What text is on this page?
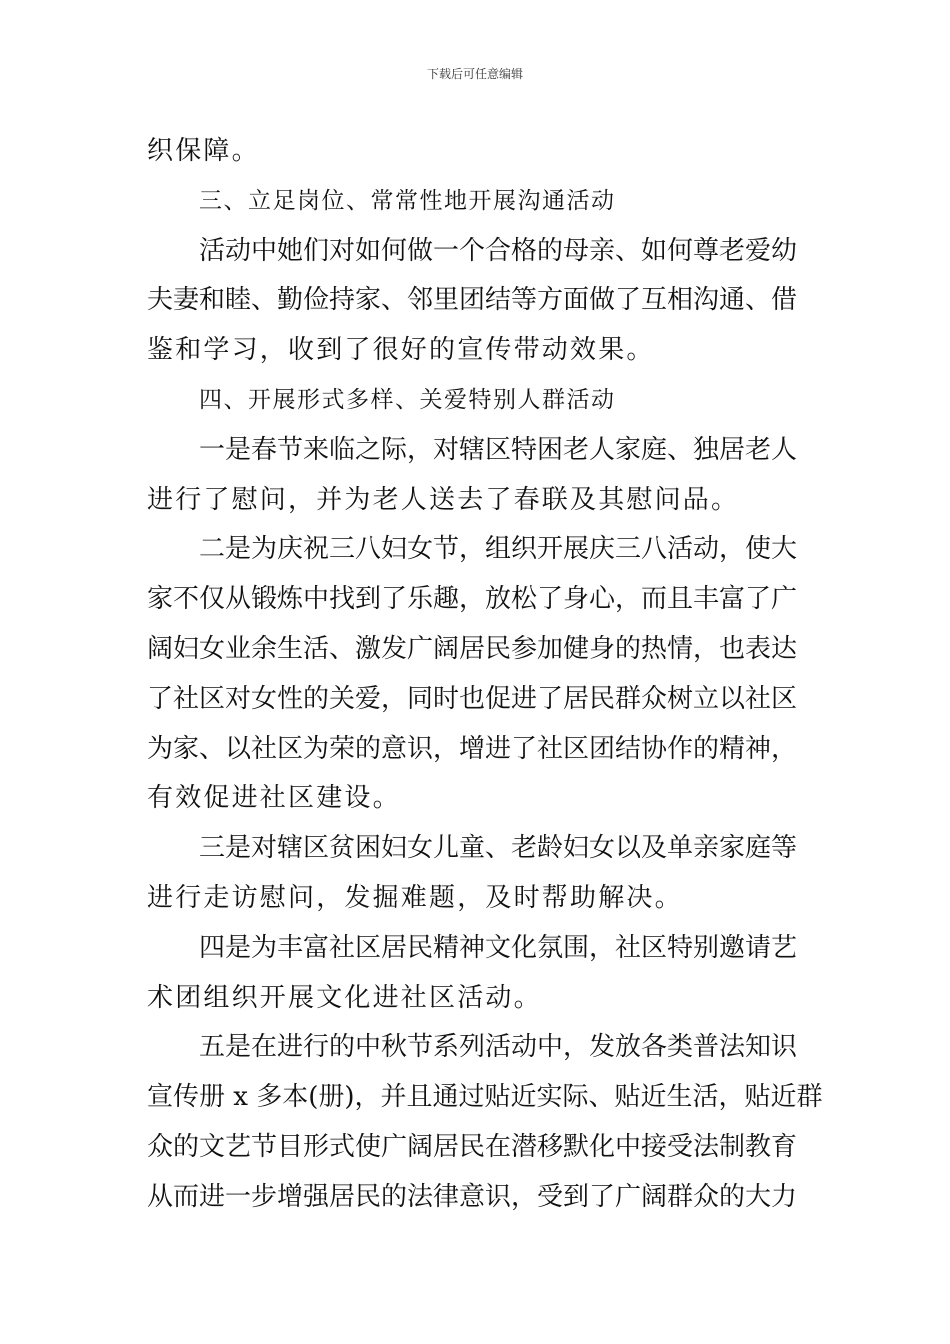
下载后可任意编辑
织保障。
三、立足岗位、常常性地开展沟通活动
活动中她们对如何做一个合格的母亲、如何尊老爱幼
夫妻和睦、勤俭持家、邻里团结等方面做了互相沟通、借
鉴和学习，收到了很好的宣传带动效果。
四、开展形式多样、关爱特别人群活动
一是春节来临之际，对辖区特困老人家庭、独居老人
进行了慰问，并为老人送去了春联及其慰问品。
二是为庆祝三八妇女节，组织开展庆三八活动，使大
家不仅从锻炼中找到了乐趣，放松了身心，而且丰富了广
阔妇女业余生活、激发广阔居民参加健身的热情，也表达
了社区对女性的关爱，同时也促进了居民群众树立以社区
为家、以社区为荣的意识，增进了社区团结协作的精神，
有效促进社区建设。
三是对辖区贫困妇女儿童、老龄妇女以及单亲家庭等
进行走访慰问，发掘难题，及时帮助解决。
四是为丰富社区居民精神文化氛围，社区特别邀请艺
术团组织开展文化进社区活动。
五是在进行的中秋节系列活动中，发放各类普法知识
宣传册 x 多本(册)，并且通过贴近实际、贴近生活，贴近群
众的文艺节目形式使广阔居民在潜移默化中接受法制教育
从而进一步增强居民的法律意识，受到了广阔群众的大力
